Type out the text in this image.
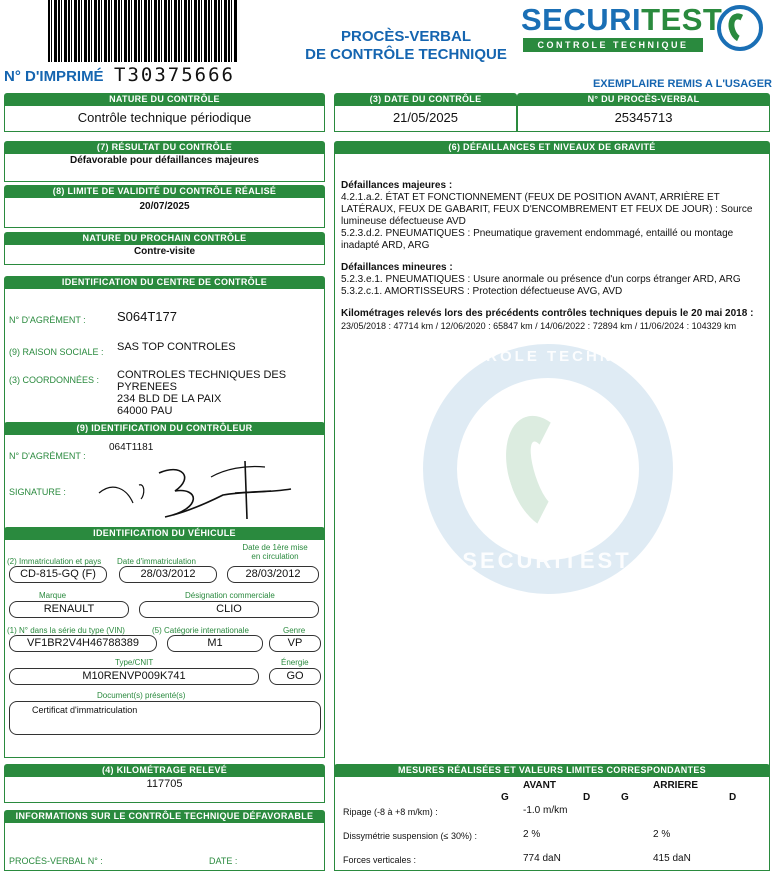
N° D'IMPRIMÉ T30375666
PROCÈS-VERBAL
DE CONTRÔLE TECHNIQUE
SECURITEST
CONTROLE TECHNIQUE
EXEMPLAIRE REMIS A L'USAGER
NATURE DU CONTRÔLE
Contrôle technique périodique
(3) DATE DU CONTRÔLE
21/05/2025
N° DU PROCÈS-VERBAL
25345713
(7) RÉSULTAT DU CONTRÔLE
Défavorable pour défaillances majeures
(8) LIMITE DE VALIDITÉ DU CONTRÔLE RÉALISÉ
20/07/2025
NATURE DU PROCHAIN CONTRÔLE
Contre-visite
IDENTIFICATION DU CENTRE DE CONTRÔLE
N° D'AGRÉMENT : S064T177
(9) RAISON SOCIALE : SAS TOP CONTROLES
(3) COORDONNÉES : CONTROLES TECHNIQUES DES
PYRENEES
234 BLD DE LA PAIX
64000 PAU
(9) IDENTIFICATION DU CONTRÔLEUR
N° D'AGRÉMENT :
064T1181
SIGNATURE :
IDENTIFICATION DU VÉHICULE
(2) Immatriculation et pays Date d'immatriculation
Date de 1ère mise
en circulation
CD-815-GQ (F)	28/03/2012	28/03/2012
Marque	Désignation commerciale
RENAULT	CLIO
(1) N° dans la série du type (VIN)	(5) Catégorie internationale	Genre
VF1BR2V4H46788389	M1	VP
Type/CNIT	Énergie
M10RENVP009K741	GO
Document(s) présenté(s)
Certificat d'immatriculation
(4) KILOMÉTRAGE RELEVÉ
117705
INFORMATIONS SUR LE CONTRÔLE TECHNIQUE DÉFAVORABLE
PROCÈS-VERBAL N° :	DATE :
(6) DÉFAILLANCES ET NIVEAUX DE GRAVITÉ
CONTROLE TECHNIQUE
SECURITEST
Défaillances majeures :
4.2.1.a.2. ÉTAT ET FONCTIONNEMENT (FEUX DE POSITION AVANT, ARRIÈRE ET LATÉRAUX, FEUX DE GABARIT, FEUX D'ENCOMBREMENT ET FEUX DE JOUR) : Source lumineuse défectueuse AVD
5.2.3.d.2. PNEUMATIQUES : Pneumatique gravement endommagé, entaillé ou montage inadapté ARD, ARG
Défaillances mineures :
5.2.3.e.1. PNEUMATIQUES : Usure anormale ou présence d'un corps étranger ARD, ARG
5.3.2.c.1. AMORTISSEURS : Protection défectueuse AVG, AVD
Kilométrages relevés lors des précédents contrôles techniques depuis le 20 mai 2018 : 23/05/2018 : 47714 km / 12/06/2020 : 65847 km / 14/06/2022 : 72894 km / 11/06/2024 : 104329 km
MESURES RÉALISÉES ET VALEURS LIMITES CORRESPONDANTES
AVANT	ARRIERE
G	D	G	D
Ripage (-8 à +8 m/km) :	-1.0 m/km
Dissymétrie suspension (≤ 30%) :	2 %	2 %
Forces verticales :	774 daN	415 daN
